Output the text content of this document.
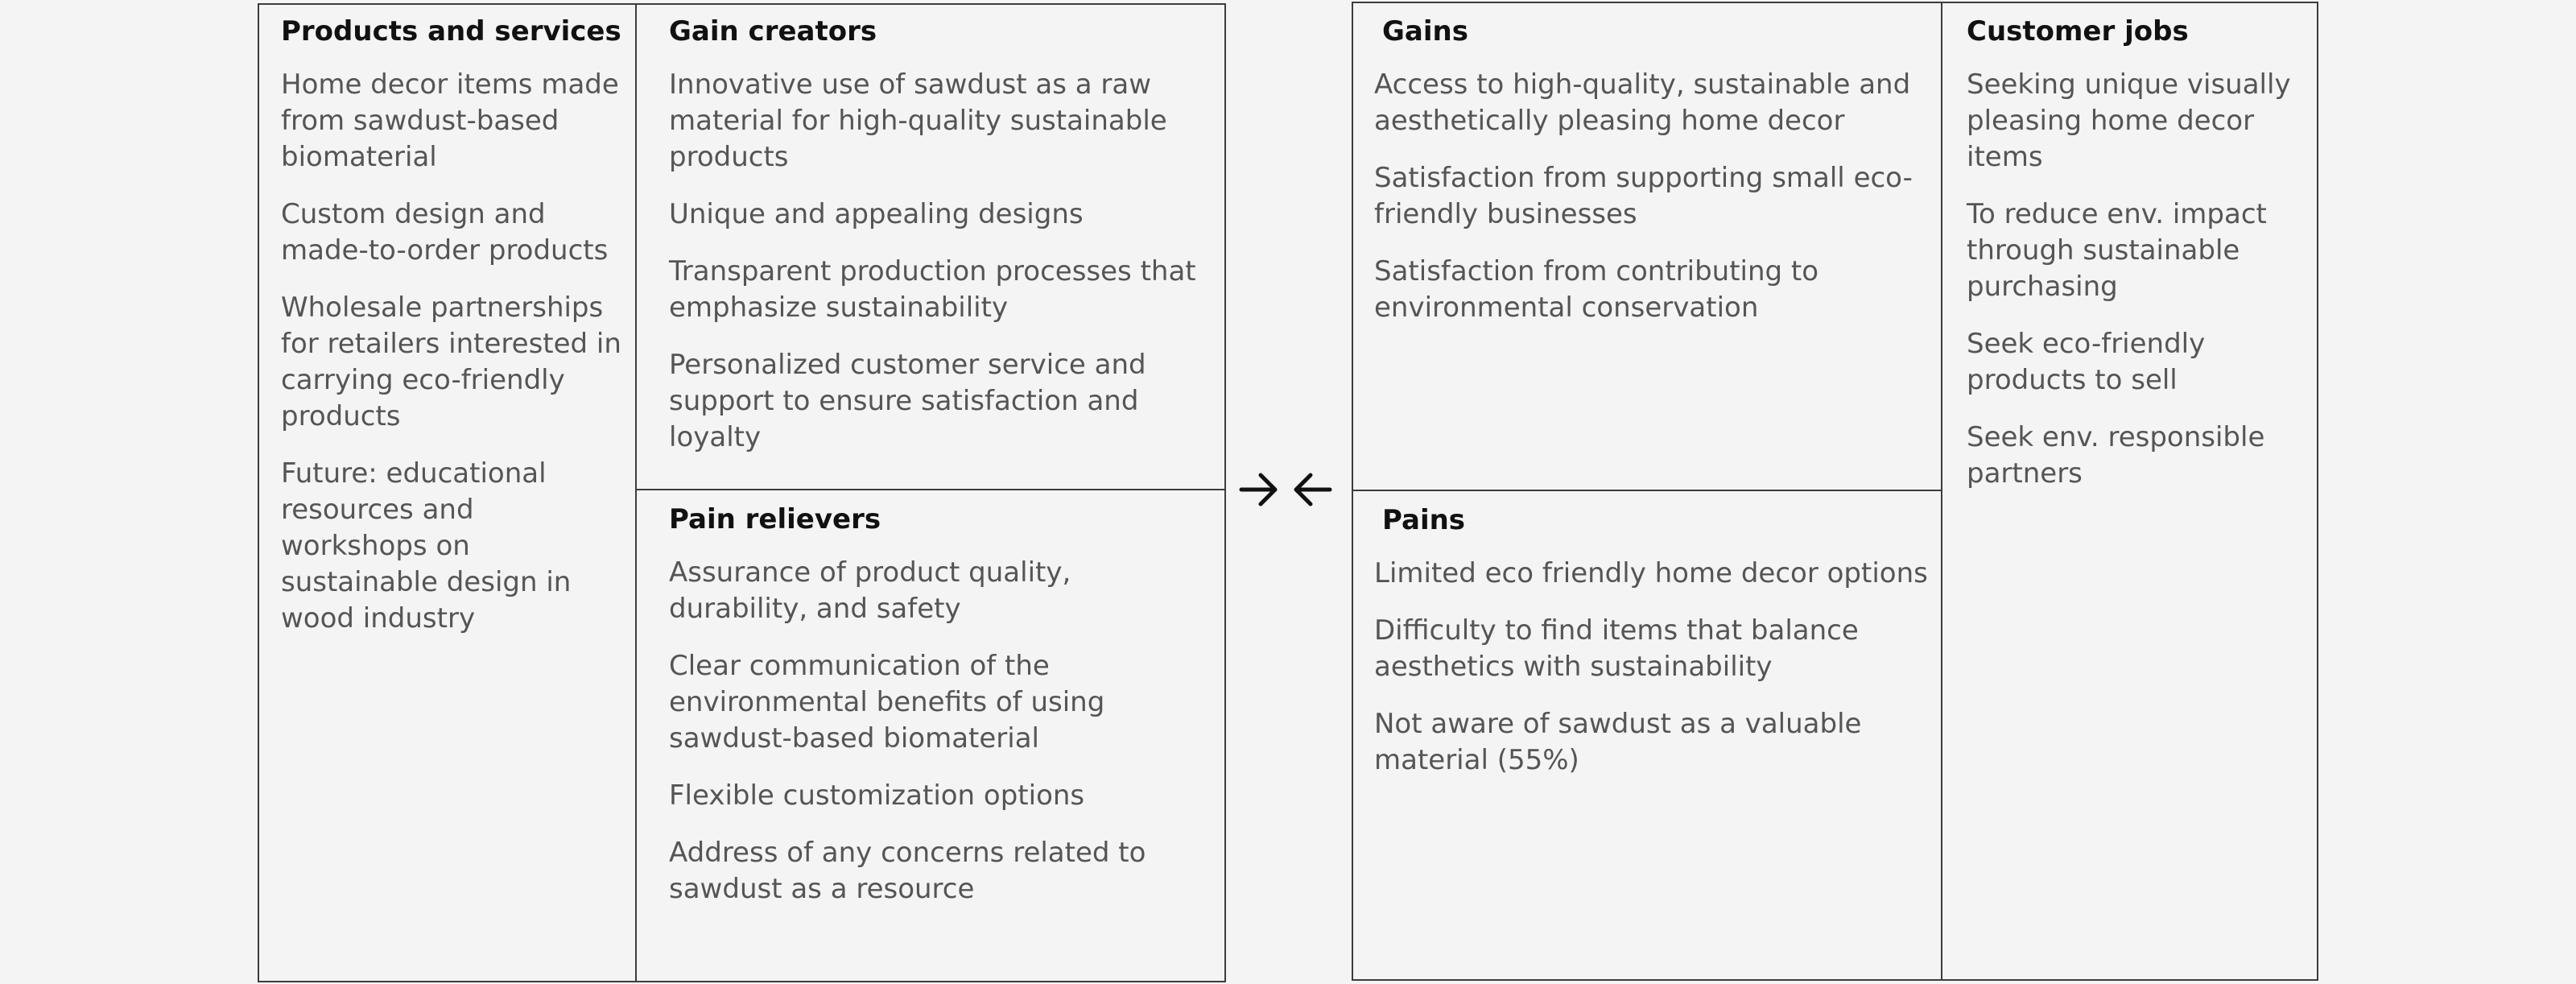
Products and services
Home decor items made from sawdust-based biomaterial
Custom design and made-to-order products
Wholesale partnerships for retailers interested in carrying eco-friendly products
Future: educational resources and workshops on sustainable design in wood industry
Gain creators
Innovative use of sawdust as a raw material for high-quality sustainable products
Unique and appealing designs
Transparent production processes that emphasize sustainability
Personalized customer service and support to ensure satisfaction and loyalty
Pain relievers
Assurance of product quality, durability, and safety
Clear communication of the environmental benefits of using sawdust-based biomaterial
Flexible customization options
Address of any concerns related to sawdust as a resource
Gains
Access to high-quality, sustainable and aesthetically pleasing home decor
Satisfaction from supporting small eco-friendly businesses
Satisfaction from contributing to environmental conservation
Pains
Limited eco friendly home decor options
Difficulty to find items that balance aesthetics with sustainability
Not aware of sawdust as a valuable material (55%)
Customer jobs
Seeking unique visually pleasing home decor items
To reduce env. impact through sustainable purchasing
Seek eco-friendly products to sell
Seek env. responsible partners
